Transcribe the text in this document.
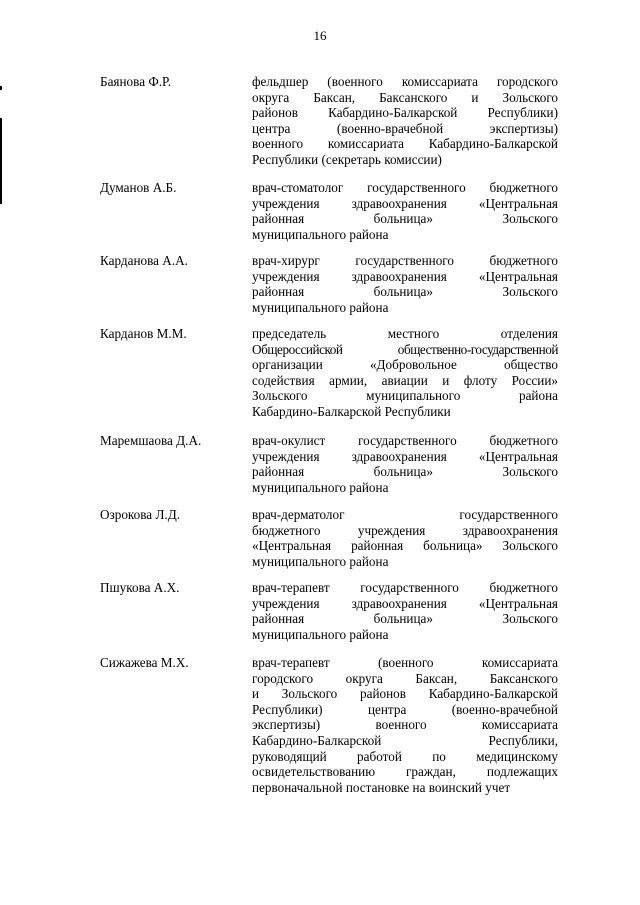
16
Баянова Ф.Р.	фельдшер (военного комиссариата городского
округа Баксан, Баксанского и Зольского
районов Кабардино-Балкарской Республики)
центра (военно-врачебной экспертизы)
военного комиссариата Кабардино-Балкарской
Республики (секретарь комиссии)
Думанов А.Б.	врач-стоматолог государственного бюджетного
учреждения здравоохранения «Центральная
районная больница» Зольского
муниципального района
Карданова А.А.	врач-хирург государственного бюджетного
учреждения здравоохранения «Центральная
районная больница» Зольского
муниципального района
Карданов М.М.	председатель местного отделения
Общероссийской общественно-государственной
организации «Добровольное общество
содействия армии, авиации и флоту России»
Зольского муниципального района
Кабардино-Балкарской Республики
Маремшаова Д.А.	врач-окулист государственного бюджетного
учреждения здравоохранения «Центральная
районная больница» Зольского
муниципального района
Озрокова Л.Д.	врач-дерматолог государственного
бюджетного учреждения здравоохранения
«Центральная районная больница» Зольского
муниципального района
Пшукова А.Х.	врач-терапевт государственного бюджетного
учреждения здравоохранения «Центральная
районная больница» Зольского
муниципального района
Сижажева М.Х.	врач-терапевт (военного комиссариата
городского округа Баксан, Баксанского
и Зольского районов Кабардино-Балкарской
Республики) центра (военно-врачебной
экспертизы) военного комиссариата
Кабардино-Балкарской Республики,
руководящий работой по медицинскому
освидетельствованию граждан, подлежащих
первоначальной постановке на воинский учет
